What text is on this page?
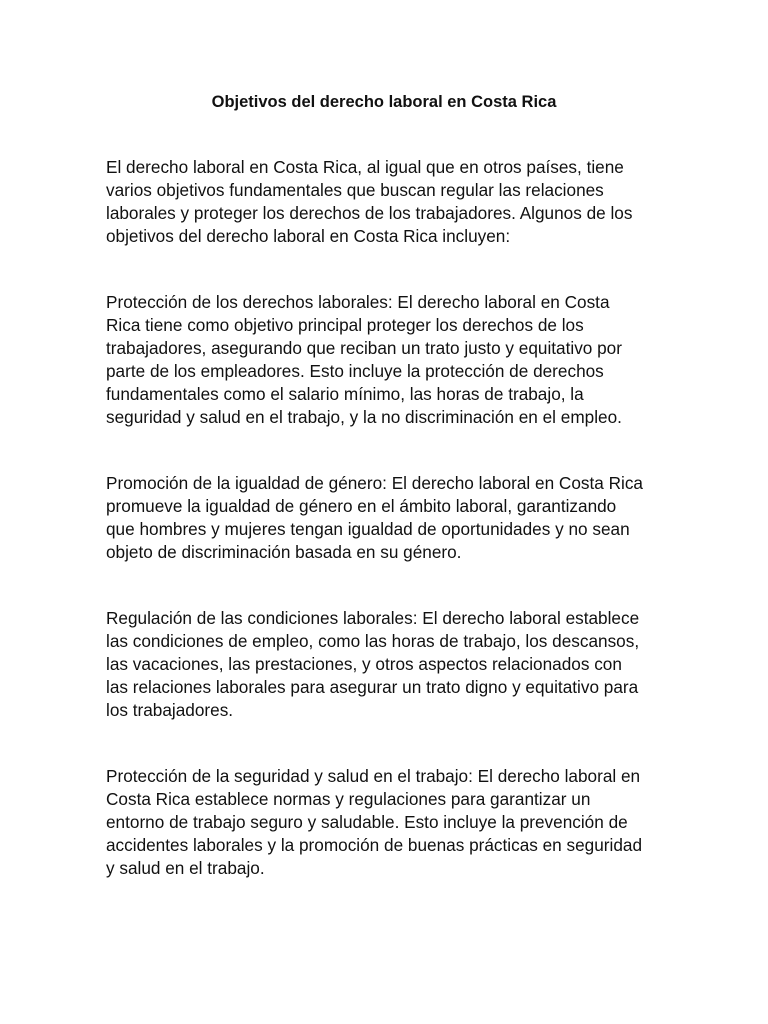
Objetivos del derecho laboral en Costa Rica

El derecho laboral en Costa Rica, al igual que en otros países, tiene varios objetivos fundamentales que buscan regular las relaciones laborales y proteger los derechos de los trabajadores. Algunos de los objetivos del derecho laboral en Costa Rica incluyen:

Protección de los derechos laborales: El derecho laboral en Costa Rica tiene como objetivo principal proteger los derechos de los trabajadores, asegurando que reciban un trato justo y equitativo por parte de los empleadores. Esto incluye la protección de derechos fundamentales como el salario mínimo, las horas de trabajo, la seguridad y salud en el trabajo, y la no discriminación en el empleo.

Promoción de la igualdad de género: El derecho laboral en Costa Rica promueve la igualdad de género en el ámbito laboral, garantizando que hombres y mujeres tengan igualdad de oportunidades y no sean objeto de discriminación basada en su género.

Regulación de las condiciones laborales: El derecho laboral establece las condiciones de empleo, como las horas de trabajo, los descansos, las vacaciones, las prestaciones, y otros aspectos relacionados con las relaciones laborales para asegurar un trato digno y equitativo para los trabajadores.

Protección de la seguridad y salud en el trabajo: El derecho laboral en Costa Rica establece normas y regulaciones para garantizar un entorno de trabajo seguro y saludable. Esto incluye la prevención de accidentes laborales y la promoción de buenas prácticas en seguridad y salud en el trabajo.
